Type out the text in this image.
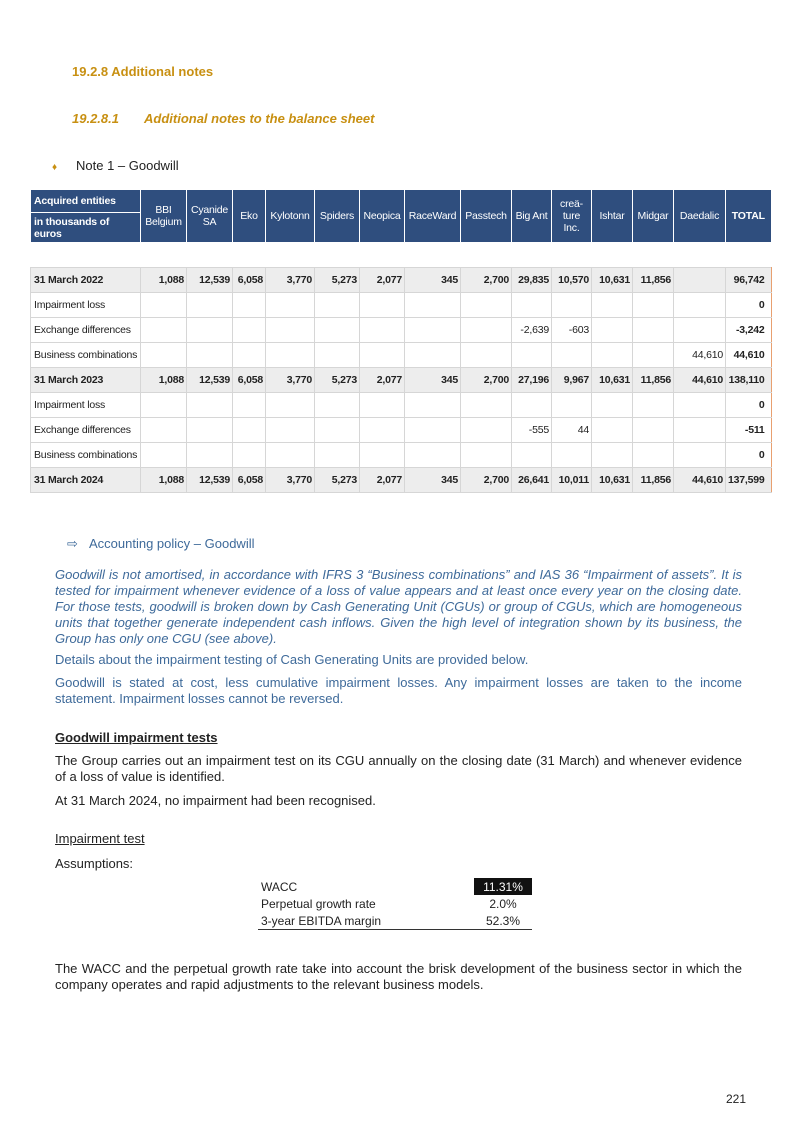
19.2.8 Additional notes
19.2.8.1 Additional notes to the balance sheet
♦ Note 1 – Goodwill
Acquired entities	BBI Belgium	Cyanide SA	Eko	Kylotonn	Spiders	Neopica	RaceWard	Passtech	Big Ant	creä-ture Inc.	Ishtar	Midgar	Daedalic	TOTAL
in thousands of euros														

31 March 2022	1,088	12,539	6,058	3,770	5,273	2,077	345	2,700	29,835	10,570	10,631	11,856		96,742
Impairment loss														0
Exchange differences									-2,639	-603				-3,242
Business combinations													44,610	44,610
31 March 2023	1,088	12,539	6,058	3,770	5,273	2,077	345	2,700	27,196	9,967	10,631	11,856	44,610	138,110
Impairment loss														0
Exchange differences									-555	44				-511
Business combinations														0
31 March 2024	1,088	12,539	6,058	3,770	5,273	2,077	345	2,700	26,641	10,011	10,631	11,856	44,610	137,599
⇨ Accounting policy – Goodwill
Goodwill is not amortised, in accordance with IFRS 3 “Business combinations” and IAS 36 “Impairment of assets”. It is tested for impairment whenever evidence of a loss of value appears and at least once every year on the closing date. For those tests, goodwill is broken down by Cash Generating Unit (CGUs) or group of CGUs, which are homogeneous units that together generate independent cash inflows. Given the high level of integration shown by its business, the Group has only one CGU (see above).
Details about the impairment testing of Cash Generating Units are provided below.
Goodwill is stated at cost, less cumulative impairment losses. Any impairment losses are taken to the income statement. Impairment losses cannot be reversed.
Goodwill impairment tests
The Group carries out an impairment test on its CGU annually on the closing date (31 March) and whenever evidence of a loss of value is identified.
At 31 March 2024, no impairment had been recognised.
Impairment test
Assumptions:
WACC	11.31%
Perpetual growth rate	2.0%
3-year EBITDA margin	52.3%
The WACC and the perpetual growth rate take into account the brisk development of the business sector in which the company operates and rapid adjustments to the relevant business models.
221
